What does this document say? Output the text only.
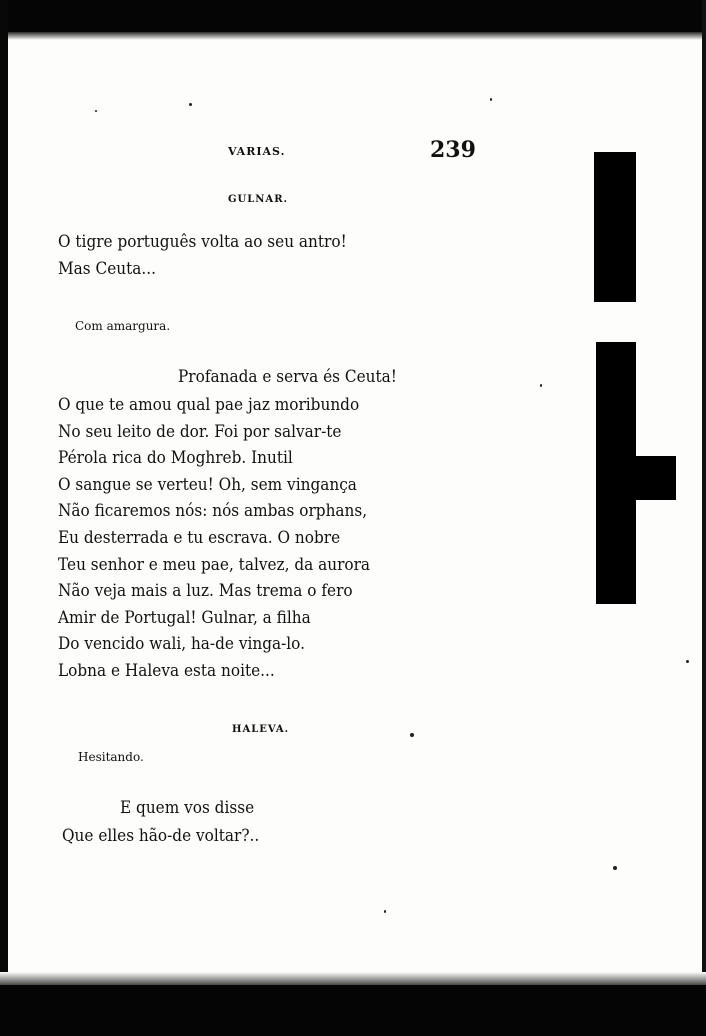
VARIAS.	239
GULNAR.
O tigre português volta ao seu antro!
Mas Ceuta...
Com amargura.
Profanada e serva és Ceuta!
O que te amou qual pae jaz moribundo
No seu leito de dor. Foi por salvar-te
Pérola rica do Moghreb. Inutil
O sangue se verteu! Oh, sem vingança
Não ficaremos nós: nós ambas orphans,
Eu desterrada e tu escrava. O nobre
Teu senhor e meu pae, talvez, da aurora
Não veja mais a luz. Mas trema o fero
Amir de Portugal! Gulnar, a filha
Do vencido wali, ha-de vinga-lo.
Lobna e Haleva esta noite...
HALEVA.
Hesitando.
E quem vos disse
Que elles hão-de voltar?..
